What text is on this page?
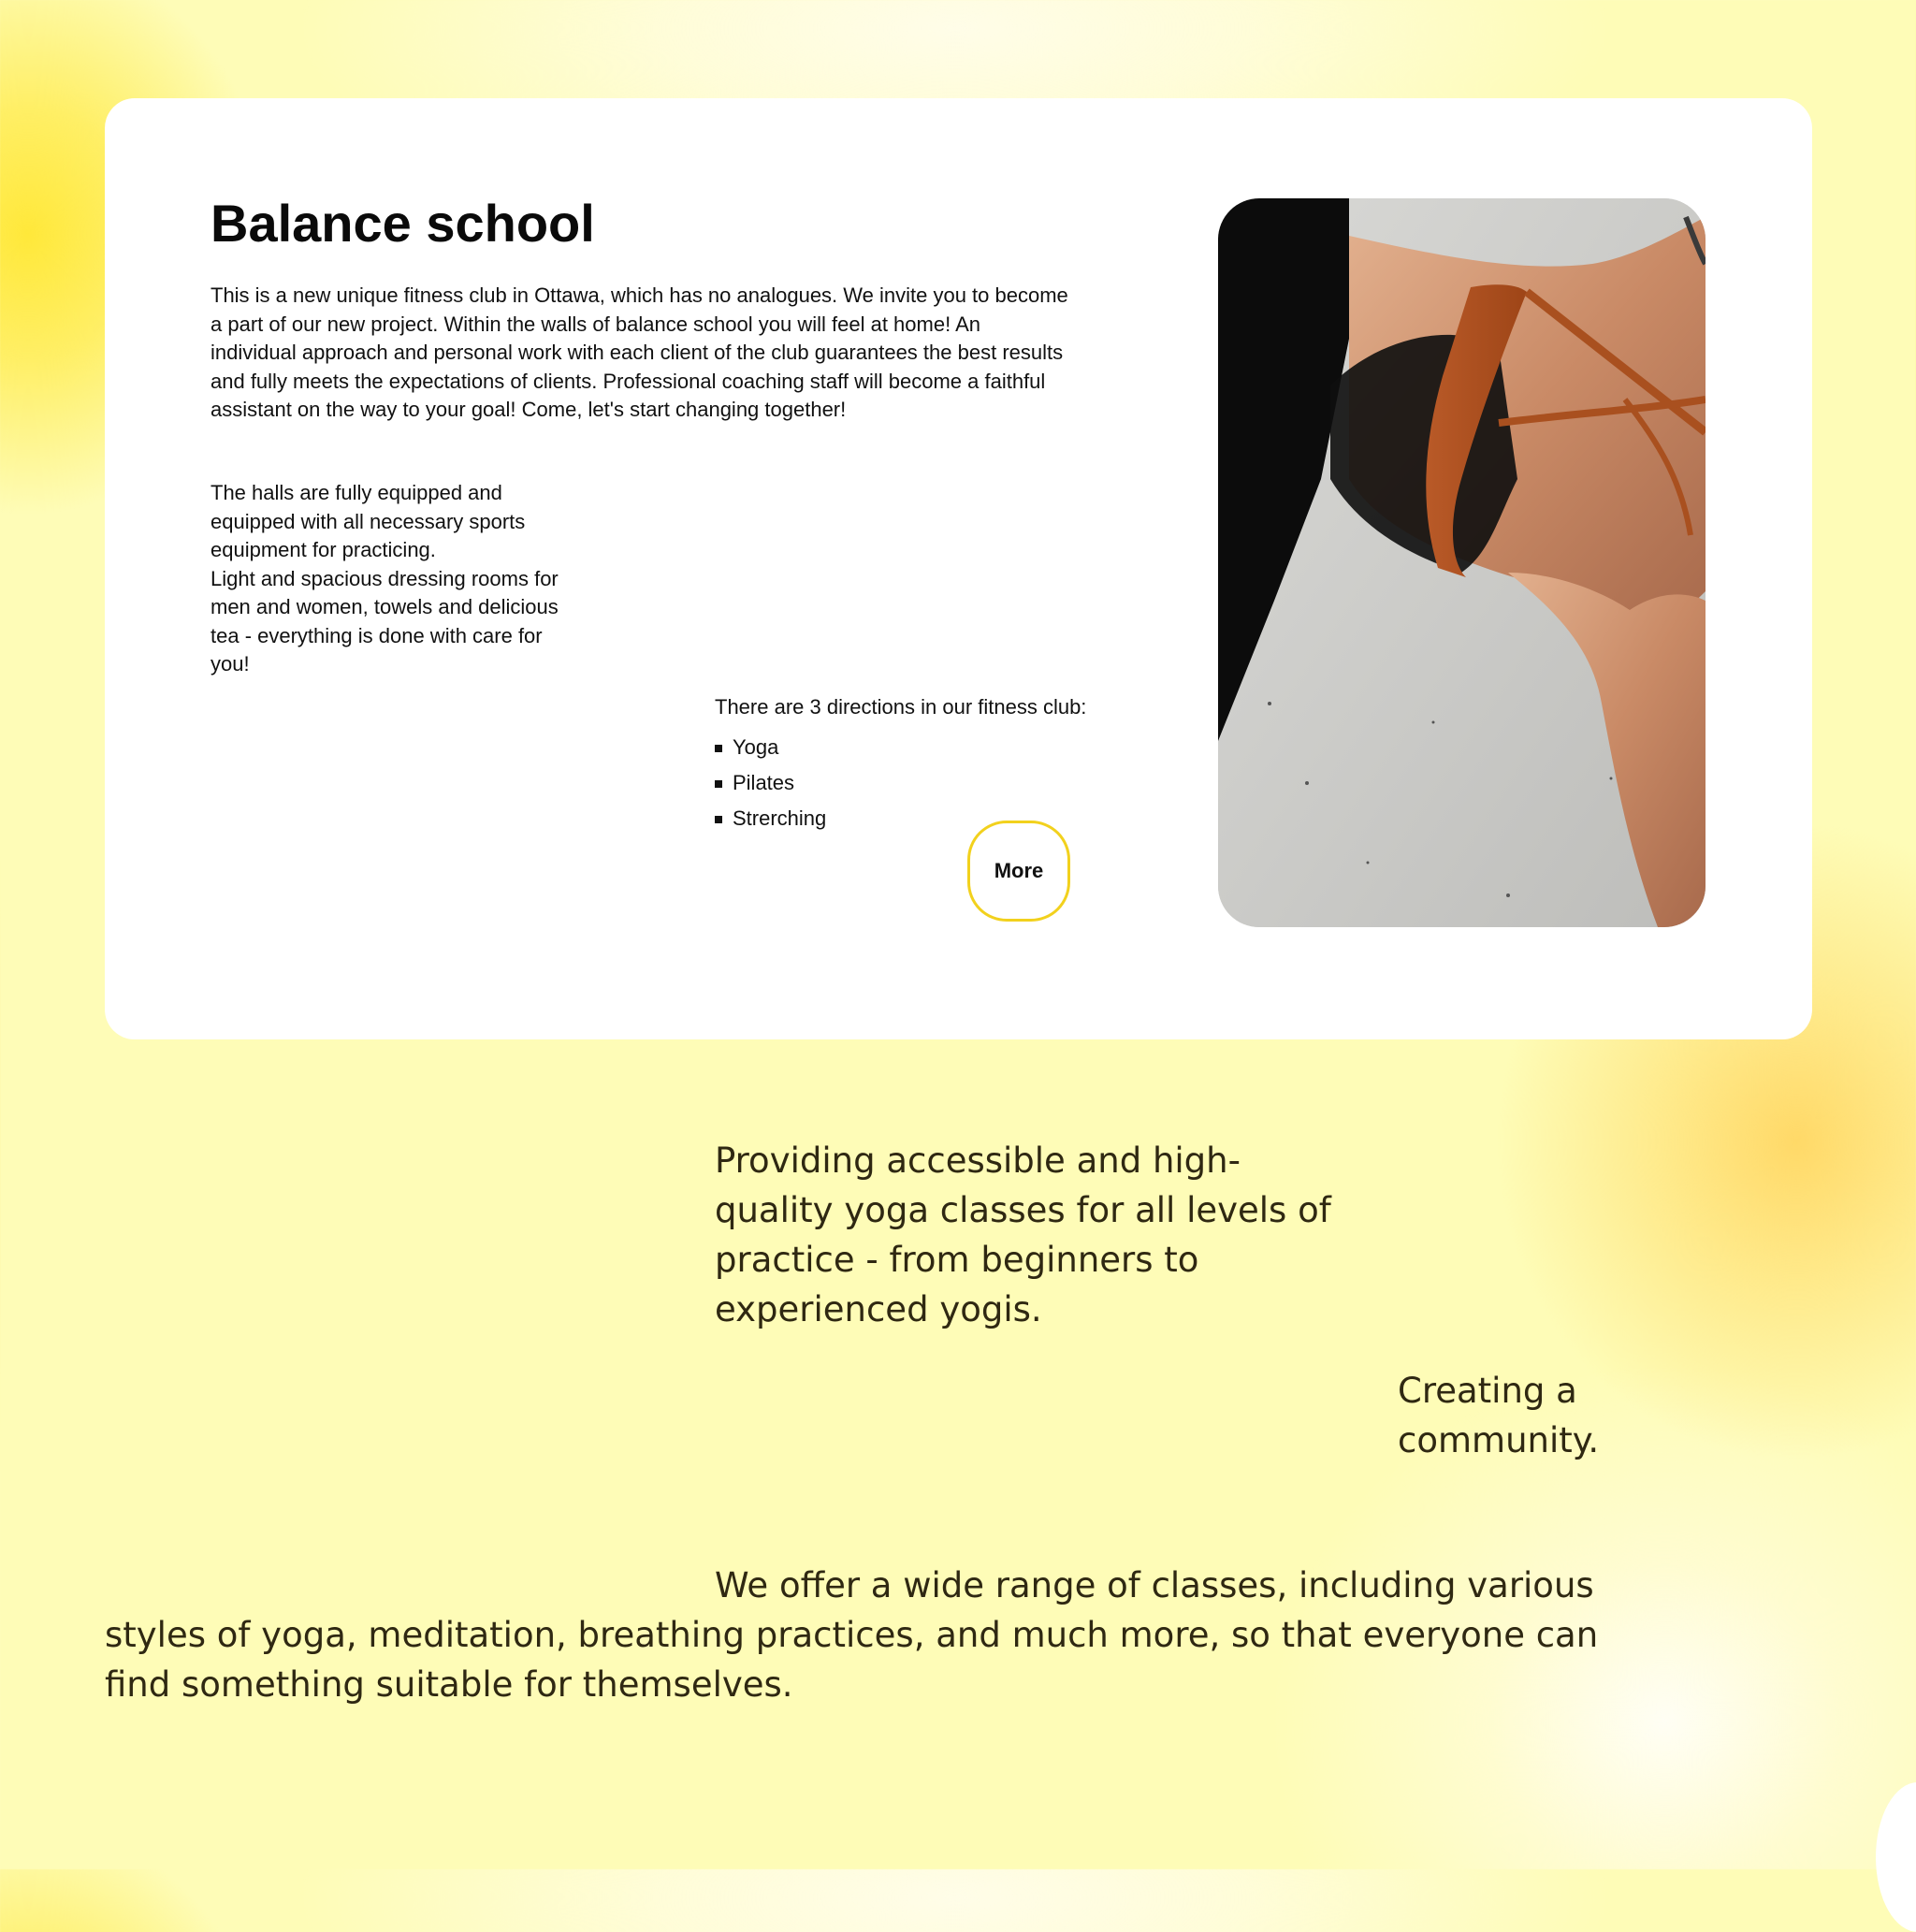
Balance school

This is a new unique fitness club in Ottawa, which has no analogues. We invite you to become a part of our new project. Within the walls of balance school you will feel at home! An individual approach and personal work with each client of the club guarantees the best results and fully meets the expectations of clients. Professional coaching staff will become a faithful assistant on the way to your goal! Come, let's start changing together!

The halls are fully equipped and equipped with all necessary sports equipment for practicing.
Light and spacious dressing rooms for men and women, towels and delicious tea - everything is done with care for you!

There are 3 directions in our fitness club:

Yoga
Pilates
Strerching
More

Providing accessible and high-quality yoga classes for all levels of practice - from beginners to experienced yogis.

Creating a community.

We offer a wide range of classes, including various styles of yoga, meditation, breathing practices, and much more, so that everyone can find something suitable for themselves.
